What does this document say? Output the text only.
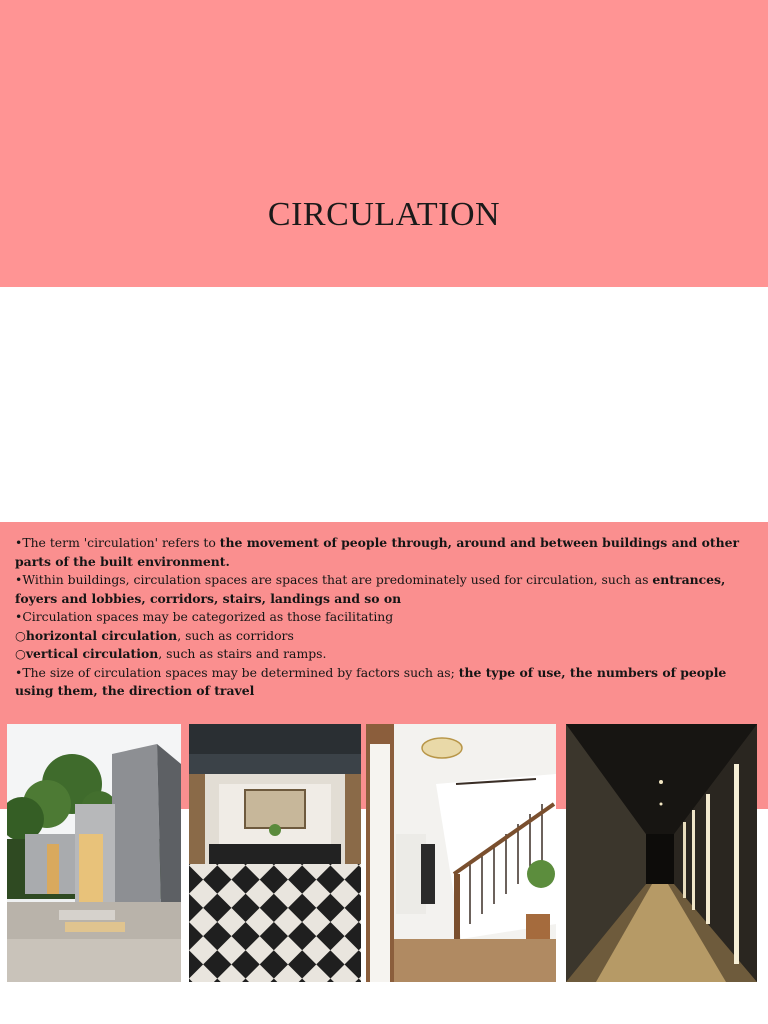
CIRCULATION

•The term 'circulation' refers to the movement of people through, around and between buildings and other parts of the built environment.

•Within buildings, circulation spaces are spaces that are predominately used for circulation, such as entrances, foyers and lobbies, corridors, stairs, landings and so on

•Circulation spaces may be categorized as those facilitating

○horizontal circulation, such as corridors

○vertical circulation, such as stairs and ramps.

•The size of circulation spaces may be determined by factors such as; the type of use, the numbers of people using them, the direction of travel
